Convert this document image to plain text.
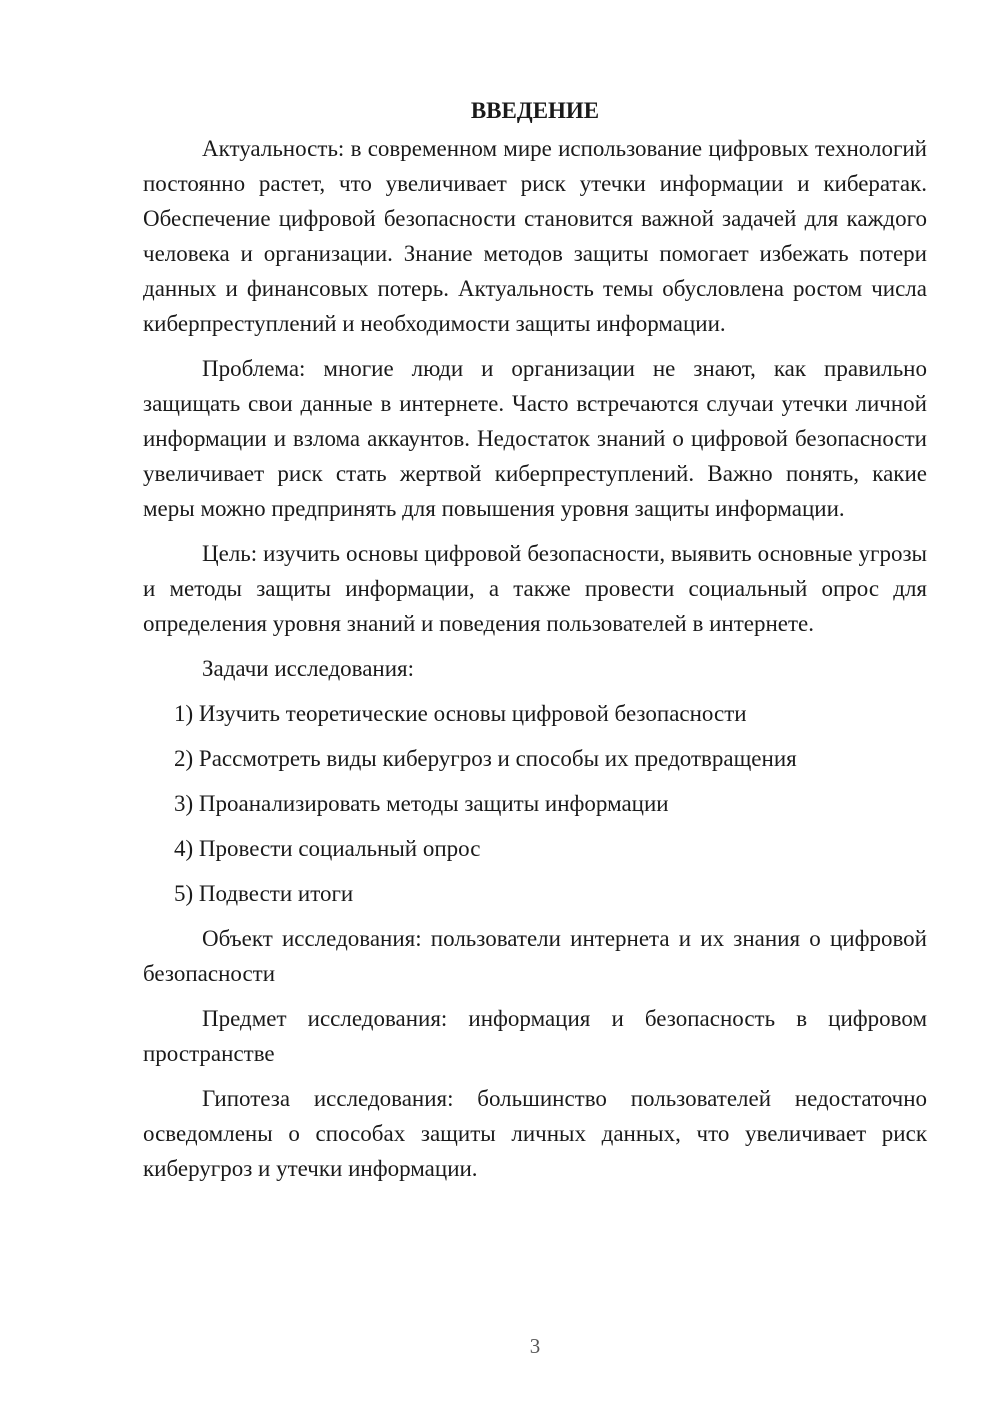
ВВЕДЕНИЕ
Актуальность: в современном мире использование цифровых технологий постоянно растет, что увеличивает риск утечки информации и кибератак. Обеспечение цифровой безопасности становится важной задачей для каждого человека и организации. Знание методов защиты помогает избежать потери данных и финансовых потерь. Актуальность темы обусловлена ростом числа киберпреступлений и необходимости защиты информации.
Проблема: многие люди и организации не знают, как правильно защищать свои данные в интернете. Часто встречаются случаи утечки личной информации и взлома аккаунтов. Недостаток знаний о цифровой безопасности увеличивает риск стать жертвой киберпреступлений. Важно понять, какие меры можно предпринять для повышения уровня защиты информации.
Цель: изучить основы цифровой безопасности, выявить основные угрозы и методы защиты информации, а также провести социальный опрос для определения уровня знаний и поведения пользователей в интернете.
Задачи исследования:
1) Изучить теоретические основы цифровой безопасности
2) Рассмотреть виды киберугроз и способы их предотвращения
3) Проанализировать методы защиты информации
4) Провести социальный опрос
5) Подвести итоги
Объект исследования: пользователи интернета и их знания о цифровой безопасности
Предмет исследования: информация и безопасность в цифровом пространстве
Гипотеза исследования: большинство пользователей недостаточно осведомлены о способах защиты личных данных, что увеличивает риск киберугроз и утечки информации.
3
